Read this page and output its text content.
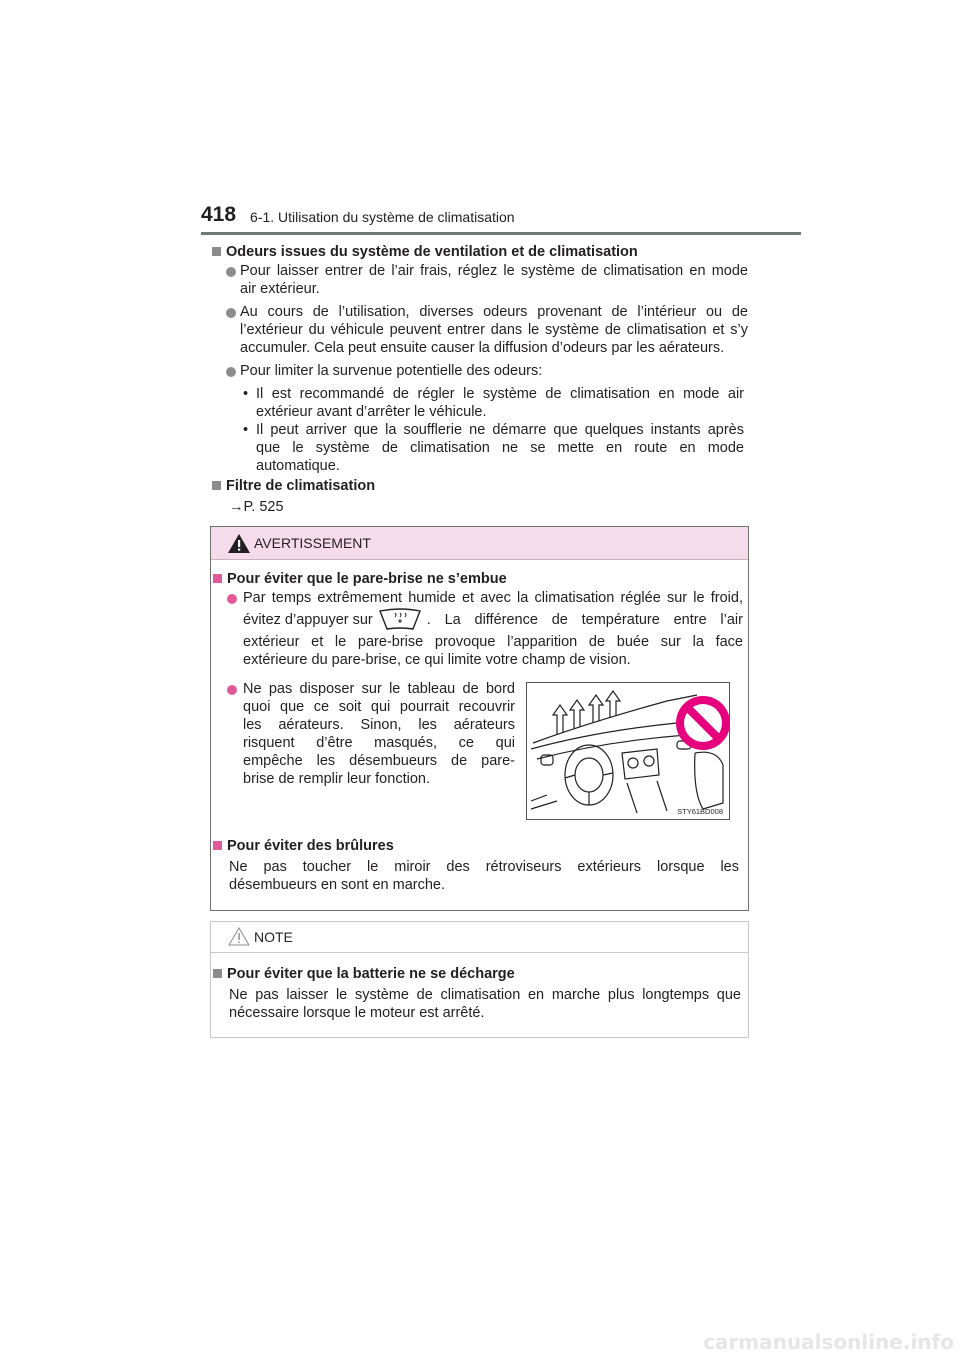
418 6-1. Utilisation du système de climatisation
Odeurs issues du système de ventilation et de climatisation
Pour laisser entrer de l’air frais, réglez le système de climatisation en mode
air extérieur.
Au cours de l’utilisation, diverses odeurs provenant de l’intérieur ou de
l’extérieur du véhicule peuvent entrer dans le système de climatisation et s’y
accumuler. Cela peut ensuite causer la diffusion d’odeurs par les aérateurs.
Pour limiter la survenue potentielle des odeurs:
• Il est recommandé de régler le système de climatisation en mode air
extérieur avant d’arrêter le véhicule.
• Il peut arriver que la soufflerie ne démarre que quelques instants après
que le système de climatisation ne se mette en route en mode
automatique.
Filtre de climatisation
→P. 525
AVERTISSEMENT
Pour éviter que le pare-brise ne s’embue
Par temps extrêmement humide et avec la climatisation réglée sur le froid,
évitez d’appuyer sur	. La différence de température entre l’air
extérieur et le pare-brise provoque l’apparition de buée sur la face
extérieure du pare-brise, ce qui limite votre champ de vision.
Ne pas disposer sur le tableau de bord
quoi que ce soit qui pourrait recouvrir
les aérateurs. Sinon, les aérateurs
risquent d’être masqués, ce qui
empêche les désembueurs de pare-
brise de remplir leur fonction.
Pour éviter des brûlures
Ne pas toucher le miroir des rétroviseurs extérieurs lorsque les
désembueurs en sont en marche.
STY61BD008
NOTE
Pour éviter que la batterie ne se décharge
Ne pas laisser le système de climatisation en marche plus longtemps que
nécessaire lorsque le moteur est arrêté.
carmanualsonline.info
